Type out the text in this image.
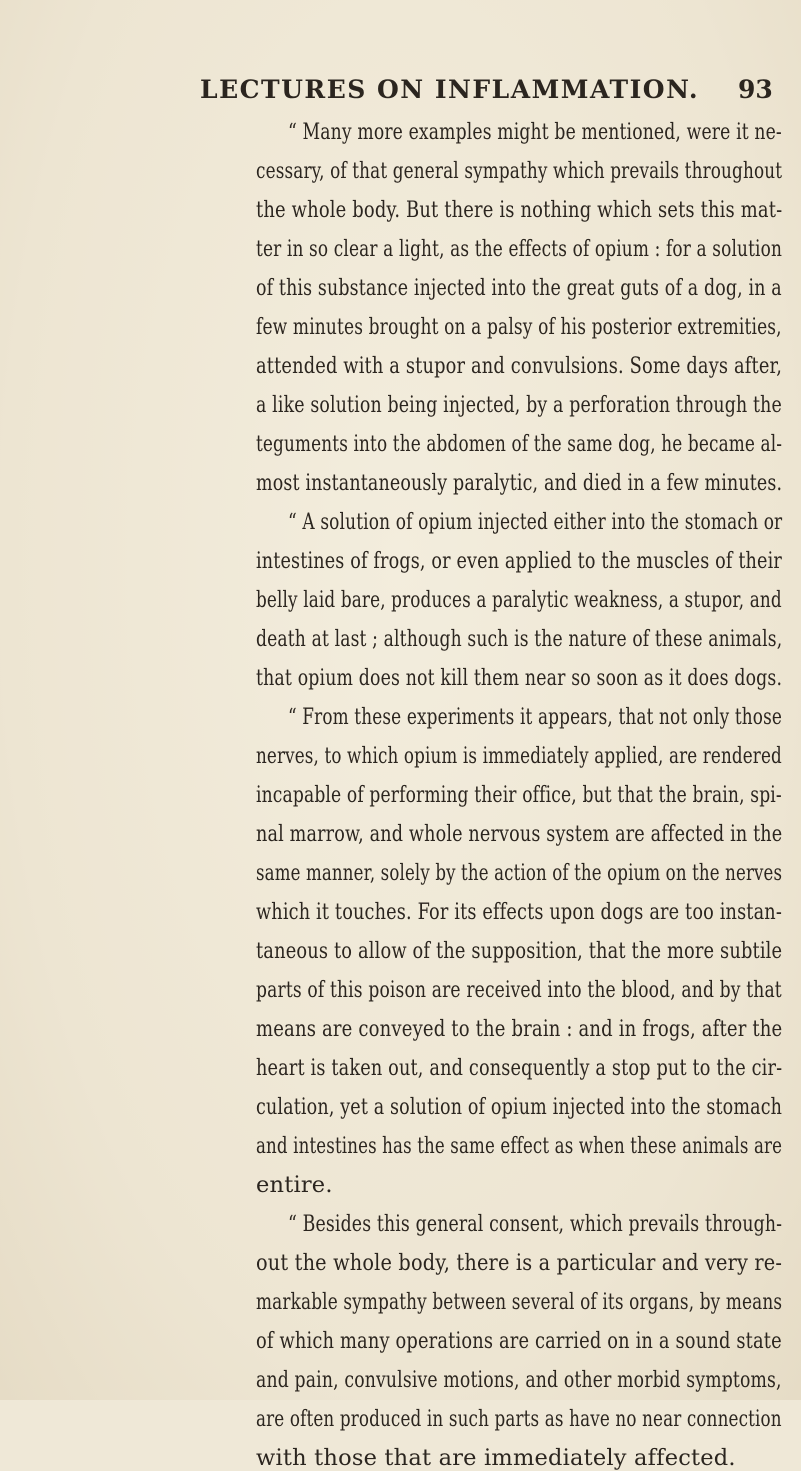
LECTURES ON INFLAMMATION. 93
“ Many more examples might be mentioned, were it ne-
cessary, of that general sympathy which prevails throughout
the whole body. But there is nothing which sets this mat-
ter in so clear a light, as the effects of opium : for a solution
of this substance injected into the great guts of a dog, in a
few minutes brought on a palsy of his posterior extremities,
attended with a stupor and convulsions. Some days after,
a like solution being injected, by a perforation through the
teguments into the abdomen of the same dog, he became al-
most instantaneously paralytic, and died in a few minutes.
“ A solution of opium injected either into the stomach or
intestines of frogs, or even applied to the muscles of their
belly laid bare, produces a paralytic weakness, a stupor, and
death at last ; although such is the nature of these animals,
that opium does not kill them near so soon as it does dogs.
“ From these experiments it appears, that not only those
nerves, to which opium is immediately applied, are rendered
incapable of performing their office, but that the brain, spi-
nal marrow, and whole nervous system are affected in the
same manner, solely by the action of the opium on the nerves
which it touches. For its effects upon dogs are too instan-
taneous to allow of the supposition, that the more subtile
parts of this poison are received into the blood, and by that
means are conveyed to the brain : and in frogs, after the
heart is taken out, and consequently a stop put to the cir-
culation, yet a solution of opium injected into the stomach
and intestines has the same effect as when these animals are
entire.
“ Besides this general consent, which prevails through-
out the whole body, there is a particular and very re-
markable sympathy between several of its organs, by means
of which many operations are carried on in a sound state
and pain, convulsive motions, and other morbid symptoms,
are often produced in such parts as have no near connection
with those that are immediately affected.
